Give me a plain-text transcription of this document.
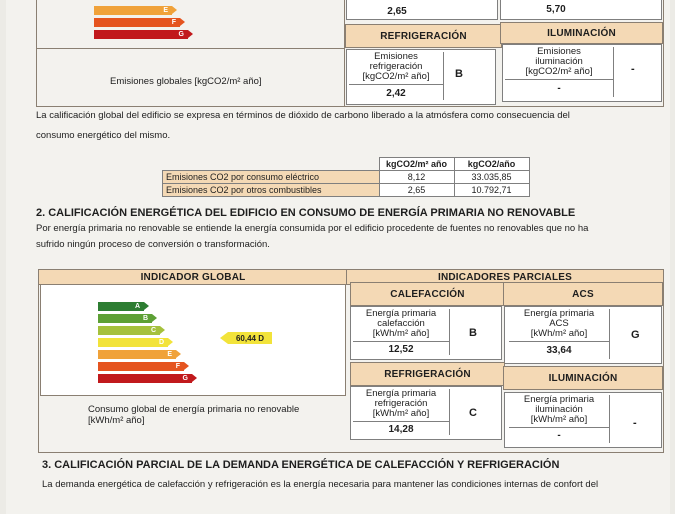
E
F
G
Emisiones globales [kgCO2/m² año]
2,65	5,70
REFRIGERACIÓN	ILUMINACIÓN
Emisiones
refrigeración
[kgCO2/m² año]
2,42
B
Emisiones
iluminación
[kgCO2/m² año]
-
-
La calificación global del edificio se expresa en términos de dióxido de carbono liberado a la atmósfera como consecuencia del
consumo energético del mismo.
	kgCO2/m² año	kgCO2/año
Emisiones CO2 por consumo eléctrico	8,12	33.035,85
Emisiones CO2 por otros combustibles	2,65	10.792,71
2. CALIFICACIÓN ENERGÉTICA DEL EDIFICIO EN CONSUMO DE ENERGÍA PRIMARIA NO RENOVABLE
Por energía primaria no renovable se entiende la energía consumida por el edificio procedente de fuentes no renovables que no ha
sufrido ningún proceso de conversión o transformación.
INDICADOR GLOBAL	INDICADORES PARCIALES
A
B
C
D
E
F
G
60,44 D
Consumo global de energía primaria no renovable
[kWh/m² año]
CALEFACCIÓN	ACS
Energía primaria
calefacción
[kWh/m² año]
12,52
B
Energía primaria
ACS
[kWh/m² año]
33,64
G
REFRIGERACIÓN	ILUMINACIÓN
Energía primaria
refrigeración
[kWh/m² año]
14,28
C
Energía primaria
iluminación
[kWh/m² año]
-
-
3. CALIFICACIÓN PARCIAL DE LA DEMANDA ENERGÉTICA DE CALEFACCIÓN Y REFRIGERACIÓN
La demanda energética de calefacción y refrigeración es la energía necesaria para mantener las condiciones internas de confort del
